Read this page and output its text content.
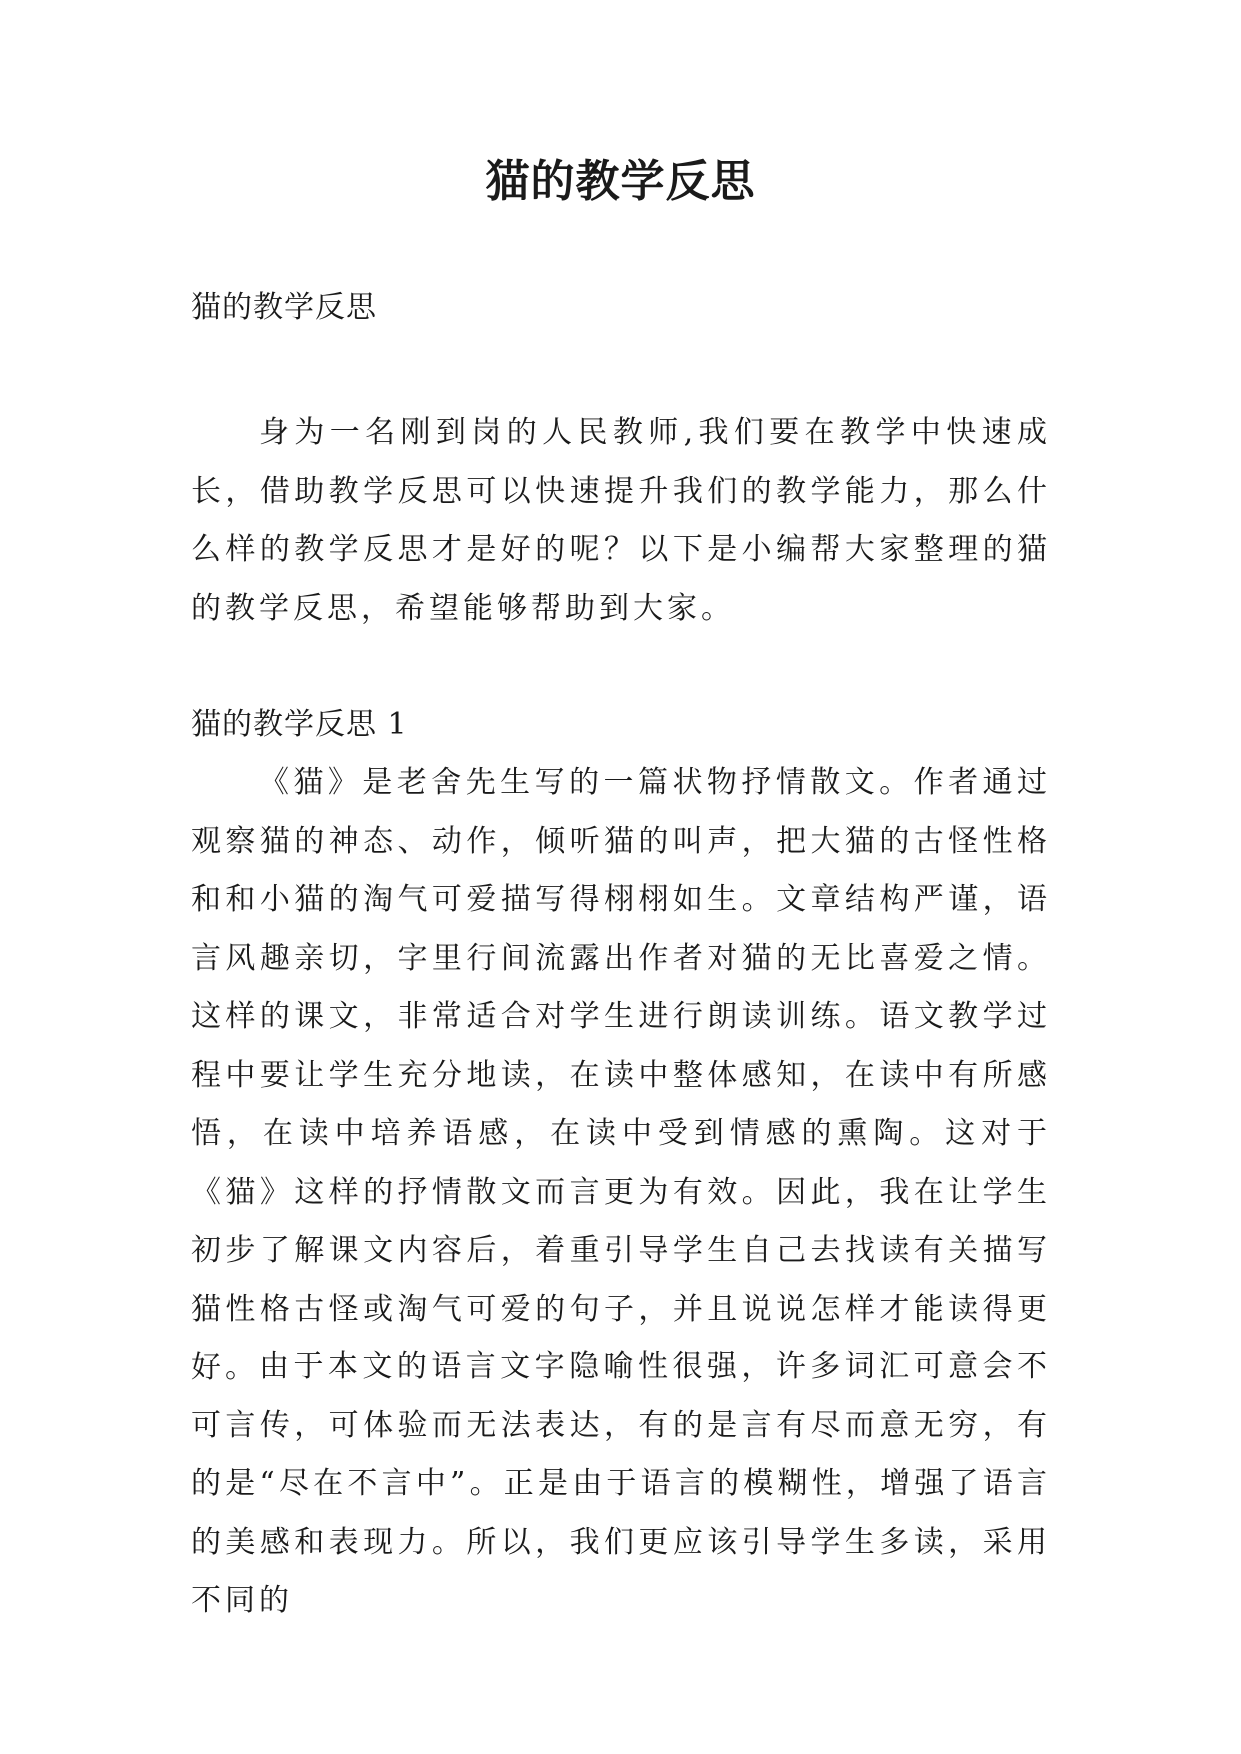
猫的教学反思
猫的教学反思

身为一名刚到岗的人民教师,我们要在教学中快速成长，借助教学反思可以快速提升我们的教学能力，那么什么样的教学反思才是好的呢？以下是小编帮大家整理的猫的教学反思，希望能够帮助到大家。

猫的教学反思 1

《猫》是老舍先生写的一篇状物抒情散文。作者通过观察猫的神态、动作，倾听猫的叫声，把大猫的古怪性格和和小猫的淘气可爱描写得栩栩如生。文章结构严谨，语言风趣亲切，字里行间流露出作者对猫的无比喜爱之情。这样的课文，非常适合对学生进行朗读训练。语文教学过程中要让学生充分地读，在读中整体感知，在读中有所感悟，在读中培养语感，在读中受到情感的熏陶。这对于《猫》这样的抒情散文而言更为有效。因此，我在让学生初步了解课文内容后，着重引导学生自己去找读有关描写猫性格古怪或淘气可爱的句子，并且说说怎样才能读得更好。 由于本文的语言文字隐喻性很强，许多词汇可意会不可言传，可体验而无法表达，有的是言有尽而意无穷，有的是“尽在不言中”。正是由于语言的模糊性，增强了语言的美感和表现力。所以，我们更应该引导学生多读，采用不同的
